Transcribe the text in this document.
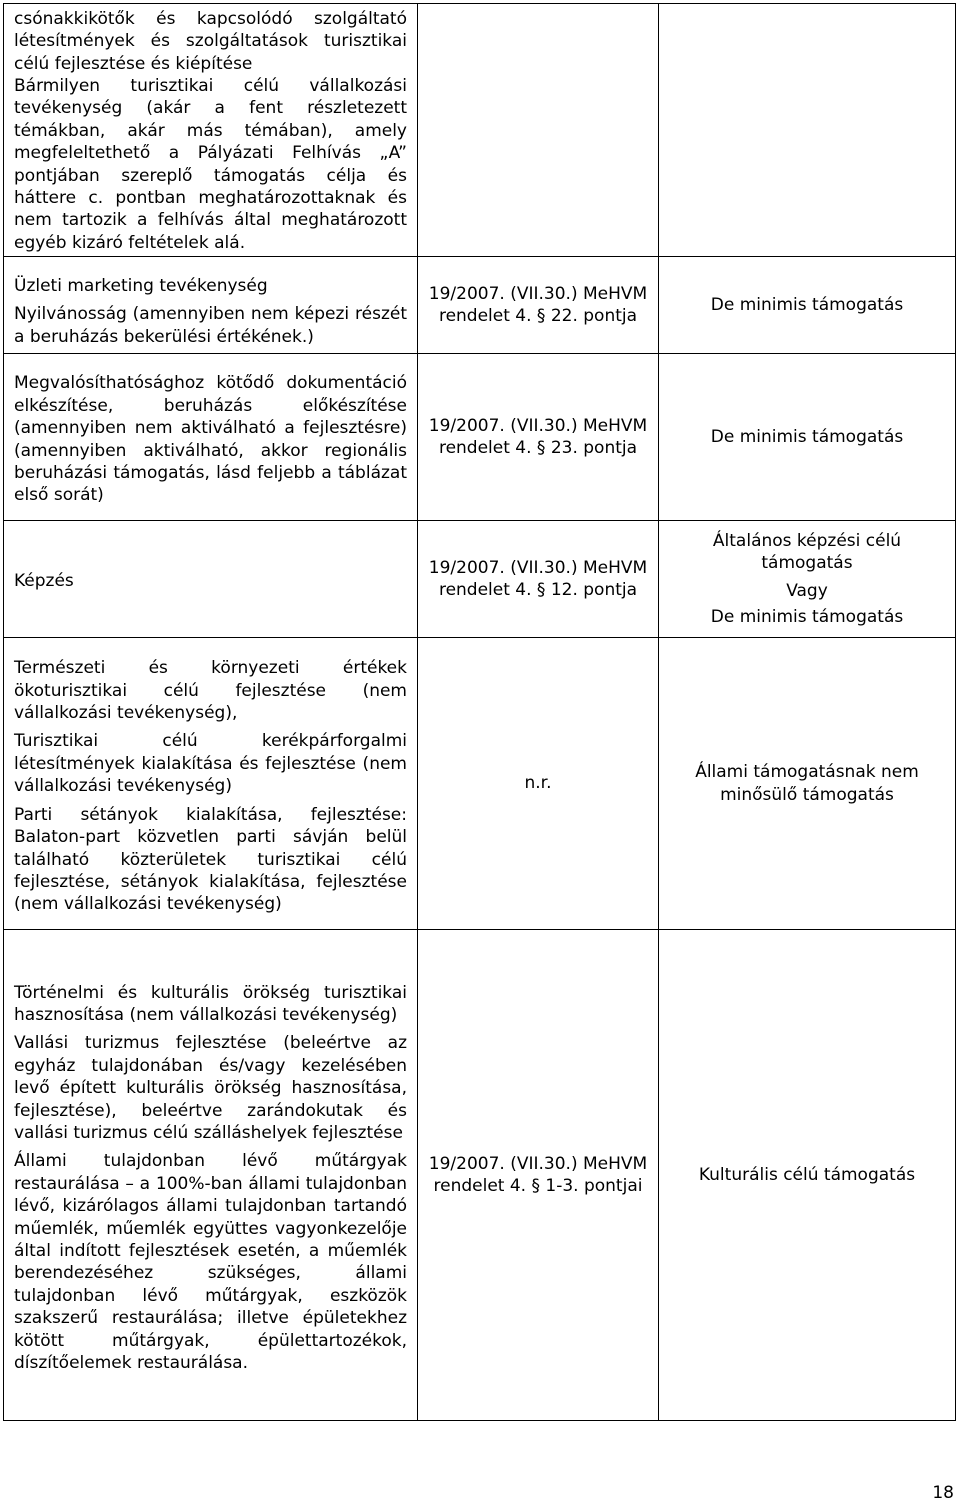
csónakkikötők és kapcsolódó szolgáltató létesítmények és szolgáltatások turisztikai célú fejlesztése és kiépítése

Bármilyen turisztikai célú vállalkozási tevékenység (akár a fent részletezett témákban, akár más témában), amely megfeleltethető a Pályázati Felhívás „A” pontjában szereplő támogatás célja és háttere c. pontban meghatározottaknak és nem tartozik a felhívás által meghatározott egyéb kizáró feltételek alá.		

Üzleti marketing tevékenység

Nyilvánosság (amennyiben nem képezi részét a beruházás bekerülési értékének.)	19/2007. (VII.30.) MeHVM rendelet 4. § 22. pontja	De minimis támogatás

Megvalósíthatósághoz kötődő dokumentáció elkészítése, beruházás előkészítése (amennyiben nem aktiválható a fejlesztésre) (amennyiben aktiválható, akkor regionális beruházási támogatás, lásd feljebb a táblázat első sorát)	19/2007. (VII.30.) MeHVM rendelet 4. § 23. pontja	De minimis támogatás

Képzés	19/2007. (VII.30.) MeHVM rendelet 4. § 12. pontja	Általános képzési célú támogatás
Vagy
De minimis támogatás

Természeti és környezeti értékek ökoturisztikai célú fejlesztése (nem vállalkozási tevékenység),

Turisztikai célú kerékpárforgalmi létesítmények kialakítása és fejlesztése (nem vállalkozási tevékenység)

Parti sétányok kialakítása, fejlesztése: Balaton-part közvetlen parti sávján belül található közterületek turisztikai célú fejlesztése, sétányok kialakítása, fejlesztése (nem vállalkozási tevékenység)	n.r.	Állami támogatásnak nem minősülő támogatás

Történelmi és kulturális örökség turisztikai hasznosítása (nem vállalkozási tevékenység)

Vallási turizmus fejlesztése (beleértve az egyház tulajdonában és/vagy kezelésében levő épített kulturális örökség hasznosítása, fejlesztése), beleértve zarándokutak és vallási turizmus célú szálláshelyek fejlesztése

Állami tulajdonban lévő műtárgyak restaurálása – a 100%-ban állami tulajdonban lévő, kizárólagos állami tulajdonban tartandó műemlék, műemlék együttes vagyonkezelője által indított fejlesztések esetén, a műemlék berendezéséhez szükséges, állami tulajdonban lévő műtárgyak, eszközök szakszerű restaurálása; illetve épületekhez kötött műtárgyak, épülettartozékok, díszítőelemek restaurálása.	19/2007. (VII.30.) MeHVM rendelet 4. § 1-3. pontjai	Kulturális célú támogatás
18
